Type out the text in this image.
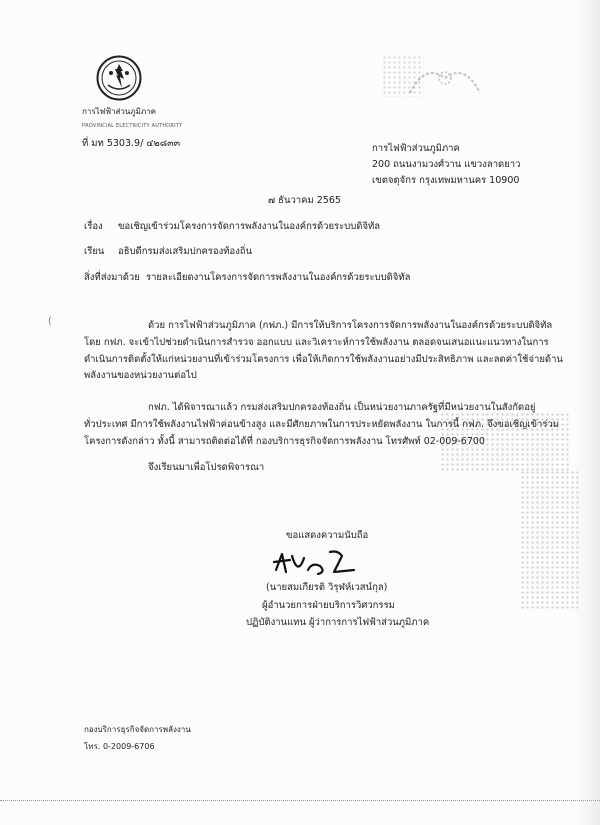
การไฟฟ้าส่วนภูมิภาค
PROVINCIAL ELECTRICITY AUTHORITY
ที่ มท 5303.9/ ๔๒๘๓๓	การไฟฟ้าส่วนภูมิภาค
200 ถนนงามวงศ์วาน แขวงลาดยาว
เขตจตุจักร กรุงเทพมหานคร 10900
๗ ธันวาคม 2565
เรื่อง ขอเชิญเข้าร่วมโครงการจัดการพลังงานในองค์กรด้วยระบบดิจิทัล
เรียน อธิบดีกรมส่งเสริมปกครองท้องถิ่น
สิ่งที่ส่งมาด้วย รายละเอียดงานโครงการจัดการพลังงานในองค์กรด้วยระบบดิจิทัล
(	ด้วย การไฟฟ้าส่วนภูมิภาค (กฟภ.) มีการให้บริการโครงการจัดการพลังงานในองค์กรด้วยระบบดิจิทัล
โดย กฟภ. จะเข้าไปช่วยดำเนินการสำรวจ ออกแบบ และวิเคราะห์การใช้พลังงาน ตลอดจนเสนอแนะแนวทางในการ
ดำเนินการติดตั้งให้แก่หน่วยงานที่เข้าร่วมโครงการ เพื่อให้เกิดการใช้พลังงานอย่างมีประสิทธิภาพ และลดค่าใช้จ่ายด้าน
พลังงานของหน่วยงานต่อไป
กฟภ. ได้พิจารณาแล้ว กรมส่งเสริมปกครองท้องถิ่น เป็นหน่วยงานภาครัฐที่มีหน่วยงานในสังกัดอยู่
ทั่วประเทศ มีการใช้พลังงานไฟฟ้าค่อนข้างสูง และมีศักยภาพในการประหยัดพลังงาน ในการนี้ กฟภ. จึงขอเชิญเข้าร่วม
โครงการดังกล่าว ทั้งนี้ สามารถติดต่อได้ที่ กองบริการธุรกิจจัดการพลังงาน โทรศัพท์ 02-009-6700
จึงเรียนมาเพื่อโปรดพิจารณา
ขอแสดงความนับถือ
(นายสมเกียรติ วิรุฬห์เวสน์กุล)
ผู้อำนวยการฝ่ายบริการวิศวกรรม
ปฏิบัติงานแทน ผู้ว่าการการไฟฟ้าส่วนภูมิภาค
กองบริการธุรกิจจัดการพลังงาน
โทร. 0-2009-6706
